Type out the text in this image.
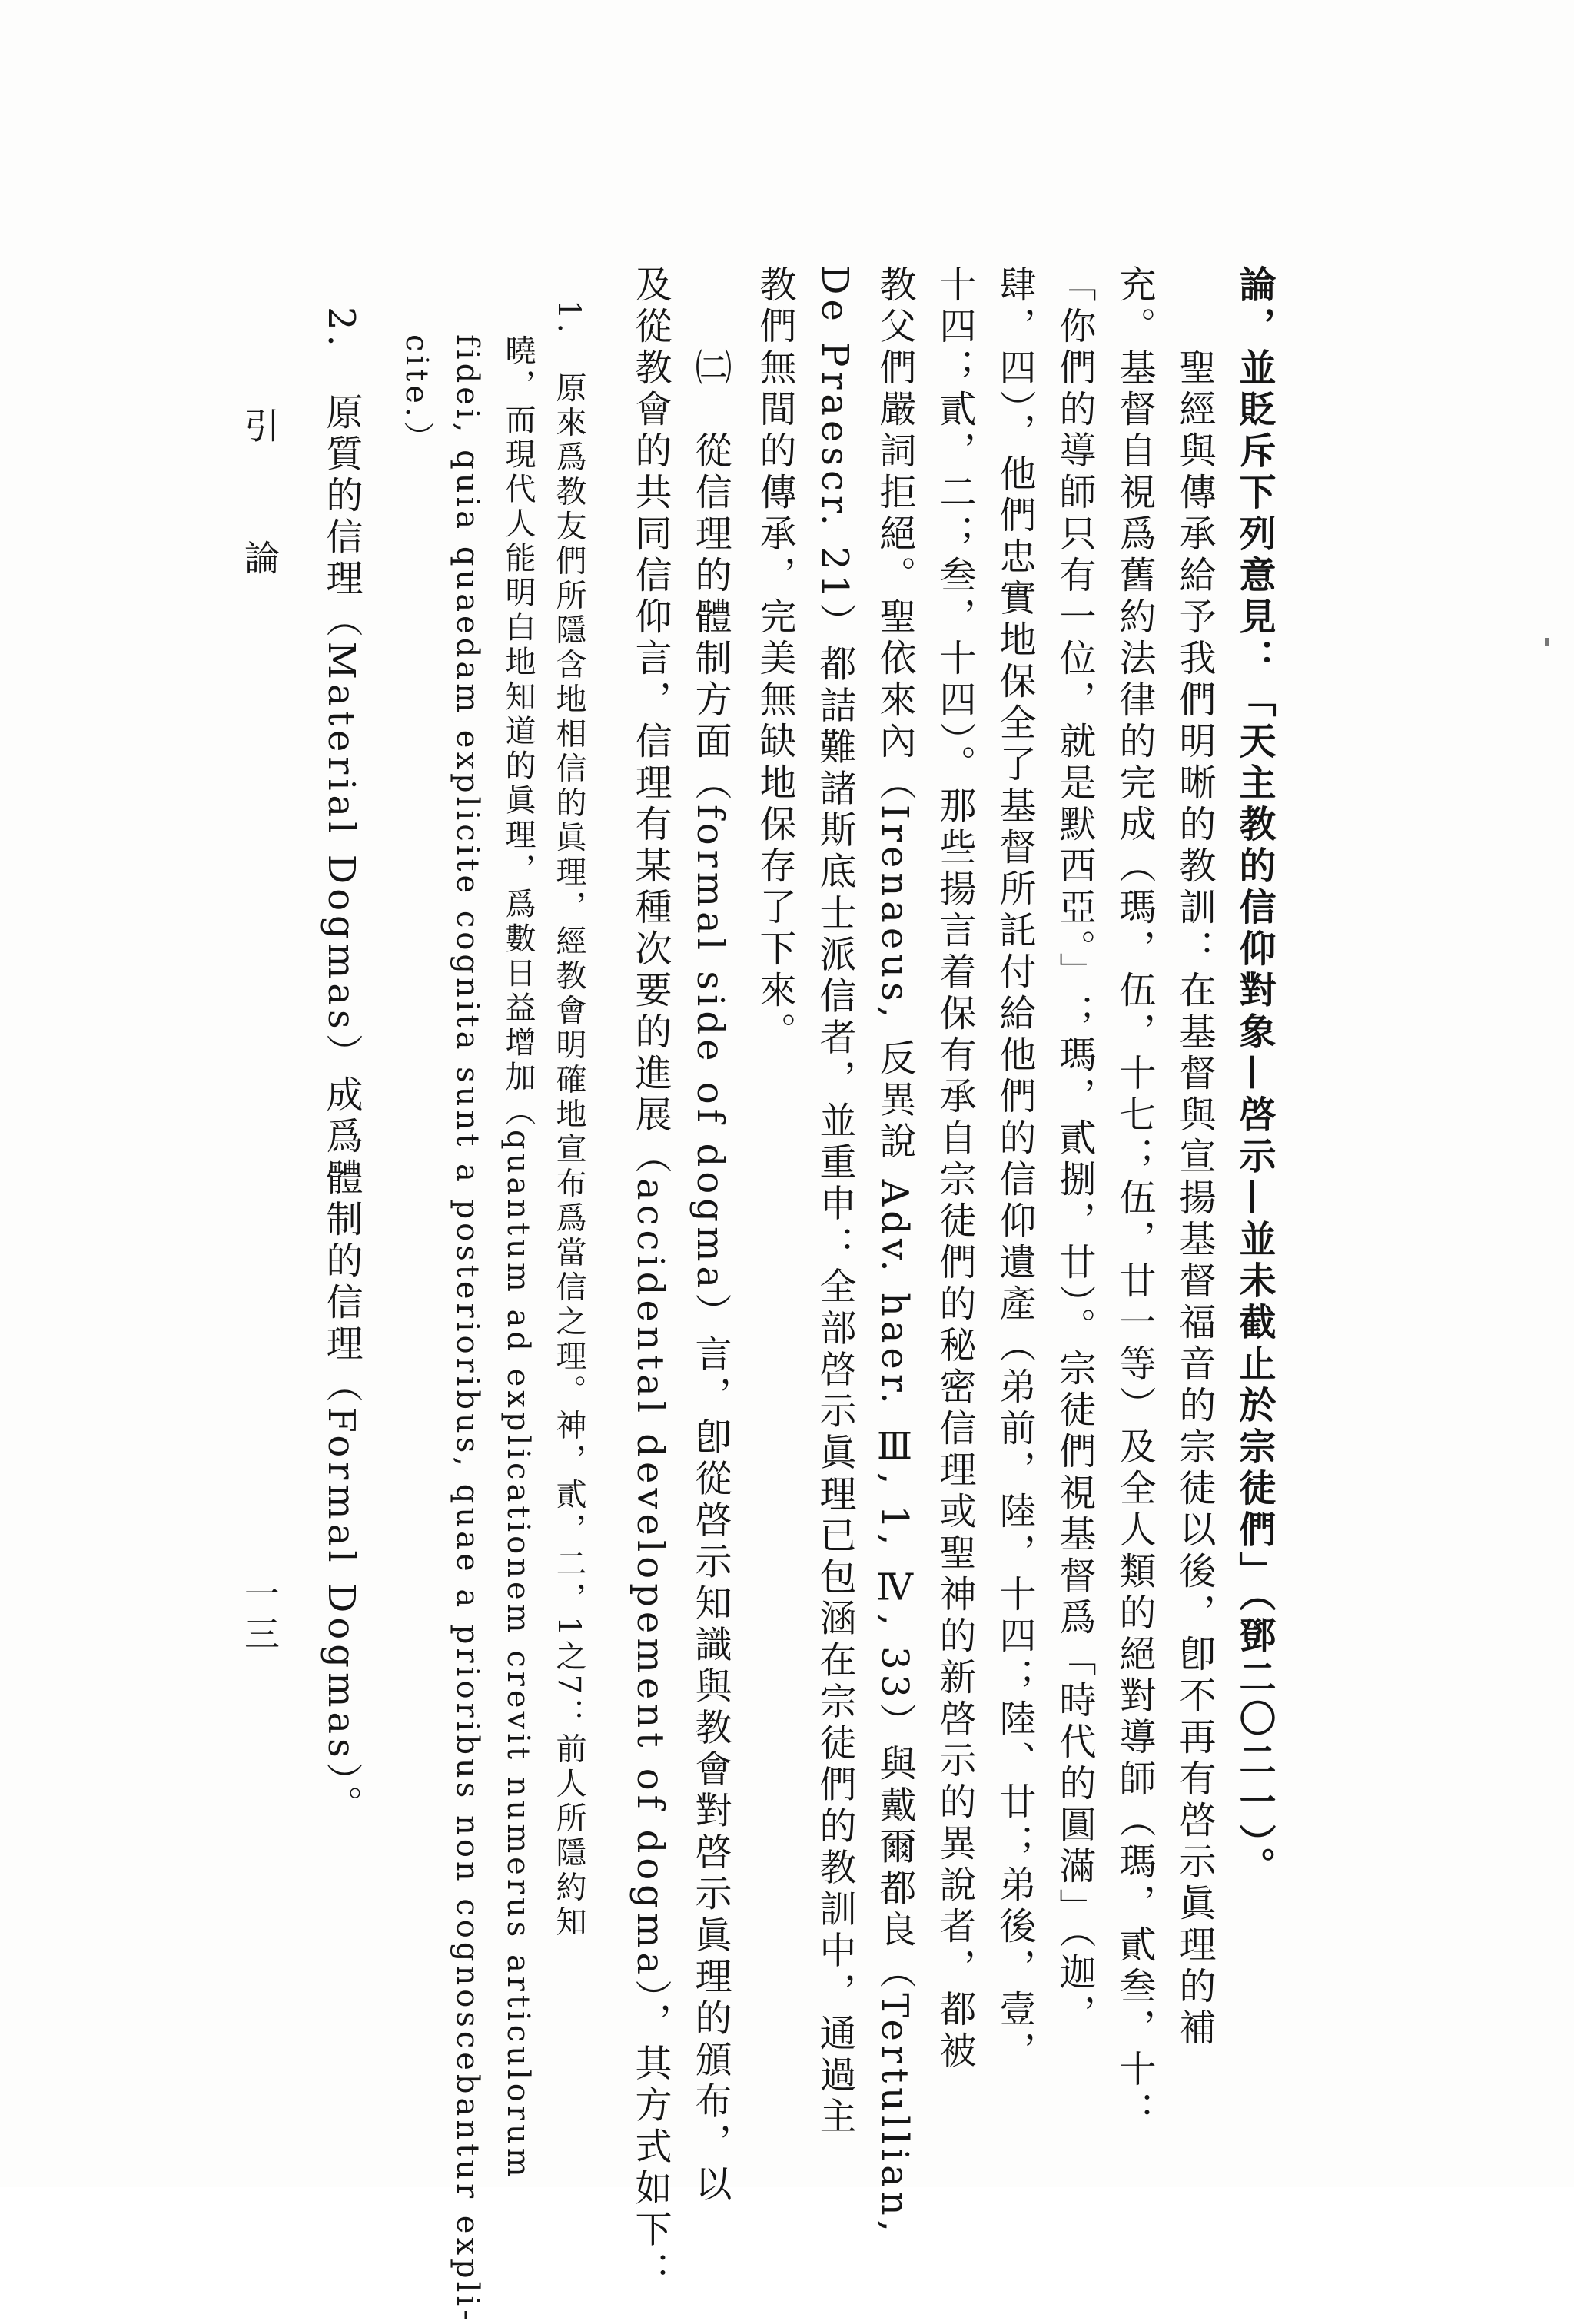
論，並貶斥下列意見：「天主教的信仰對象—啓示—並未截止於宗徒們」（鄧二〇二一）。
　　聖經與傳承給予我們明晰的教訓：在基督與宣揚基督福音的宗徒以後，卽不再有啓示眞理的補
充。基督自視爲舊約法律的完成（瑪，伍，十七；伍，廿一等）及全人類的絕對導師（瑪，貳叁，十：
「你們的導師只有一位，就是默西亞。」；瑪，貳捌，廿）。宗徒們視基督爲「時代的圓滿」（迦，
肆，四），他們忠實地保全了基督所託付給他們的信仰遺產（弟前，陸，十四；陸、廿；弟後，壹，
十四；貳，二；叁，十四）。那些揚言着保有承自宗徒們的秘密信理或聖神的新啓示的異說者，都被
教父們嚴詞拒絕。聖依來內（Irenaeus, 反異說 Adv. haer. Ⅲ, 1, Ⅳ, 33）與戴爾都良（Tertullian,
De Praescr. 21）都詰難諸斯底士派信者，並重申：全部啓示眞理已包涵在宗徒們的教訓中，通過主
教們無間的傳承，完美無缺地保存了下來。
　　㈡　從信理的體制方面（formal side of dogma）言，卽從啓示知識與教會對啓示眞理的頒布，以
及從教會的共同信仰言，信理有某種次要的進展（accidental developement of dogma），其方式如下：
　1.　原來爲教友們所隱含地相信的眞理，經教會明確地宣布爲當信之理。神，貳，二，1之7：前人所隱約知
　　曉，而現代人能明白地知道的眞理，爲數日益增加（quantum ad explicationem crevit numerus articulorum
　　fidei, quia quaedam explicite cognita sunt a posterioribus, quae a prioribus non cognoscebantur expli-
　　cite.）
　2.　原質的信理（Material Dogmas）成爲體制的信理（Formal Dogmas）。
引　論
一三
